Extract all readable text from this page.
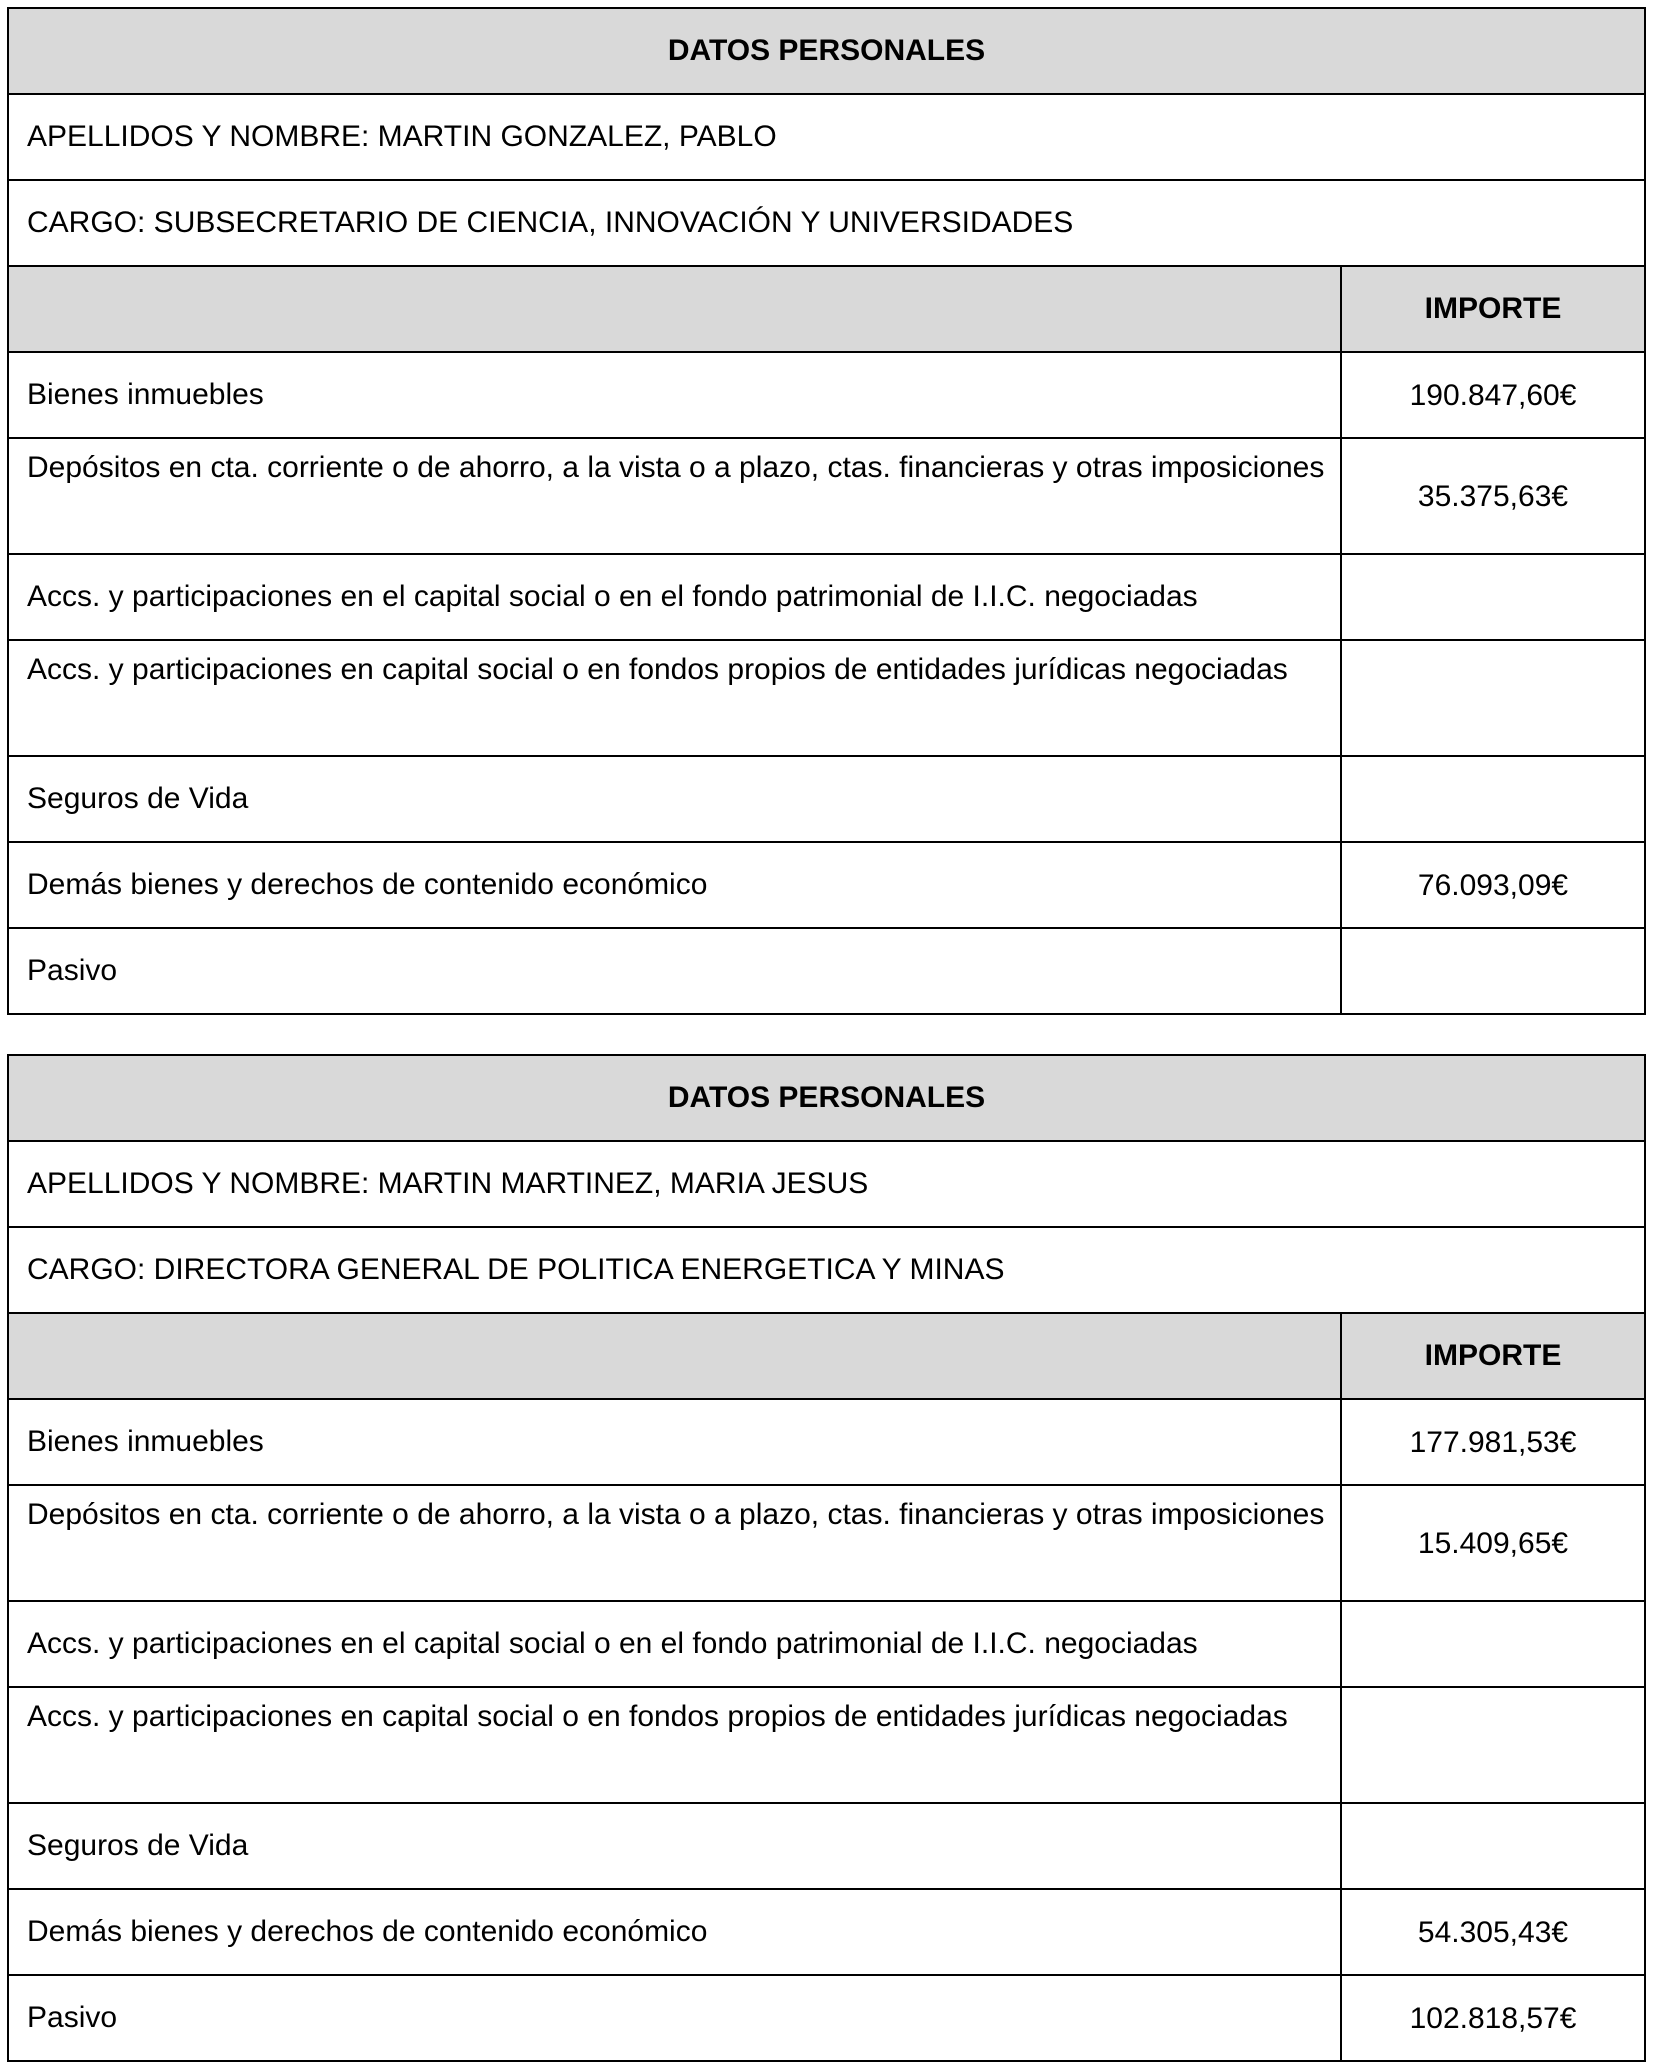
DATOS PERSONALES	
APELLIDOS Y NOMBRE: MARTIN GONZALEZ, PABLO	
CARGO: SUBSECRETARIO DE CIENCIA, INNOVACIÓN Y UNIVERSIDADES	
	IMPORTE
Bienes inmuebles	190.847,60€
Depósitos en cta. corriente o de ahorro, a la vista o a plazo, ctas. financieras y otras imposiciones	35.375,63€
Accs. y participaciones en el capital social o en el fondo patrimonial de I.I.C. negociadas	
Accs. y participaciones en capital social o en fondos propios de entidades jurídicas negociadas	
Seguros de Vida	
Demás bienes y derechos de contenido económico	76.093,09€
Pasivo	
DATOS PERSONALES	
APELLIDOS Y NOMBRE: MARTIN MARTINEZ, MARIA JESUS	
CARGO: DIRECTORA GENERAL DE POLITICA ENERGETICA Y MINAS	
	IMPORTE
Bienes inmuebles	177.981,53€
Depósitos en cta. corriente o de ahorro, a la vista o a plazo, ctas. financieras y otras imposiciones	15.409,65€
Accs. y participaciones en el capital social o en el fondo patrimonial de I.I.C. negociadas	
Accs. y participaciones en capital social o en fondos propios de entidades jurídicas negociadas	
Seguros de Vida	
Demás bienes y derechos de contenido económico	54.305,43€
Pasivo	102.818,57€
